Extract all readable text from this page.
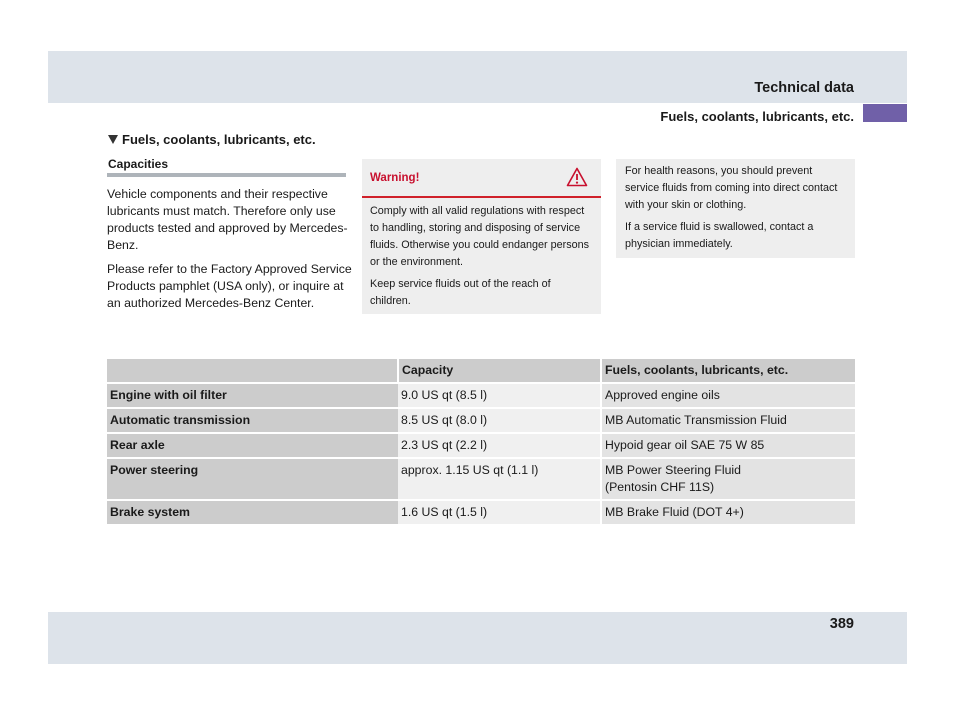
Technical data
Fuels, coolants, lubricants, etc.
Fuels, coolants, lubricants, etc.
Capacities

Vehicle components and their respective lubricants must match. Therefore only use products tested and approved by Mercedes-Benz.

Please refer to the Factory Approved Service Products pamphlet (USA only), or inquire at an authorized Mercedes-Benz Center.

Warning!

Comply with all valid regulations with respect to handling, storing and disposing of service fluids. Otherwise you could endanger persons or the environment.

Keep service fluids out of the reach of children.

For health reasons, you should prevent service fluids from coming into direct contact with your skin or clothing.

If a service fluid is swallowed, contact a physician immediately.

	Capacity	Fuels, coolants, lubricants, etc.
Engine with oil filter	9.0 US qt (8.5 l)	Approved engine oils
Automatic transmission	8.5 US qt (8.0 l)	MB Automatic Transmission Fluid
Rear axle	2.3 US qt (2.2 l)	Hypoid gear oil SAE 75 W 85
Power steering	approx. 1.15 US qt (1.1 l)	MB Power Steering Fluid
(Pentosin CHF 11S)
Brake system	1.6 US qt (1.5 l)	MB Brake Fluid (DOT 4+)
389
